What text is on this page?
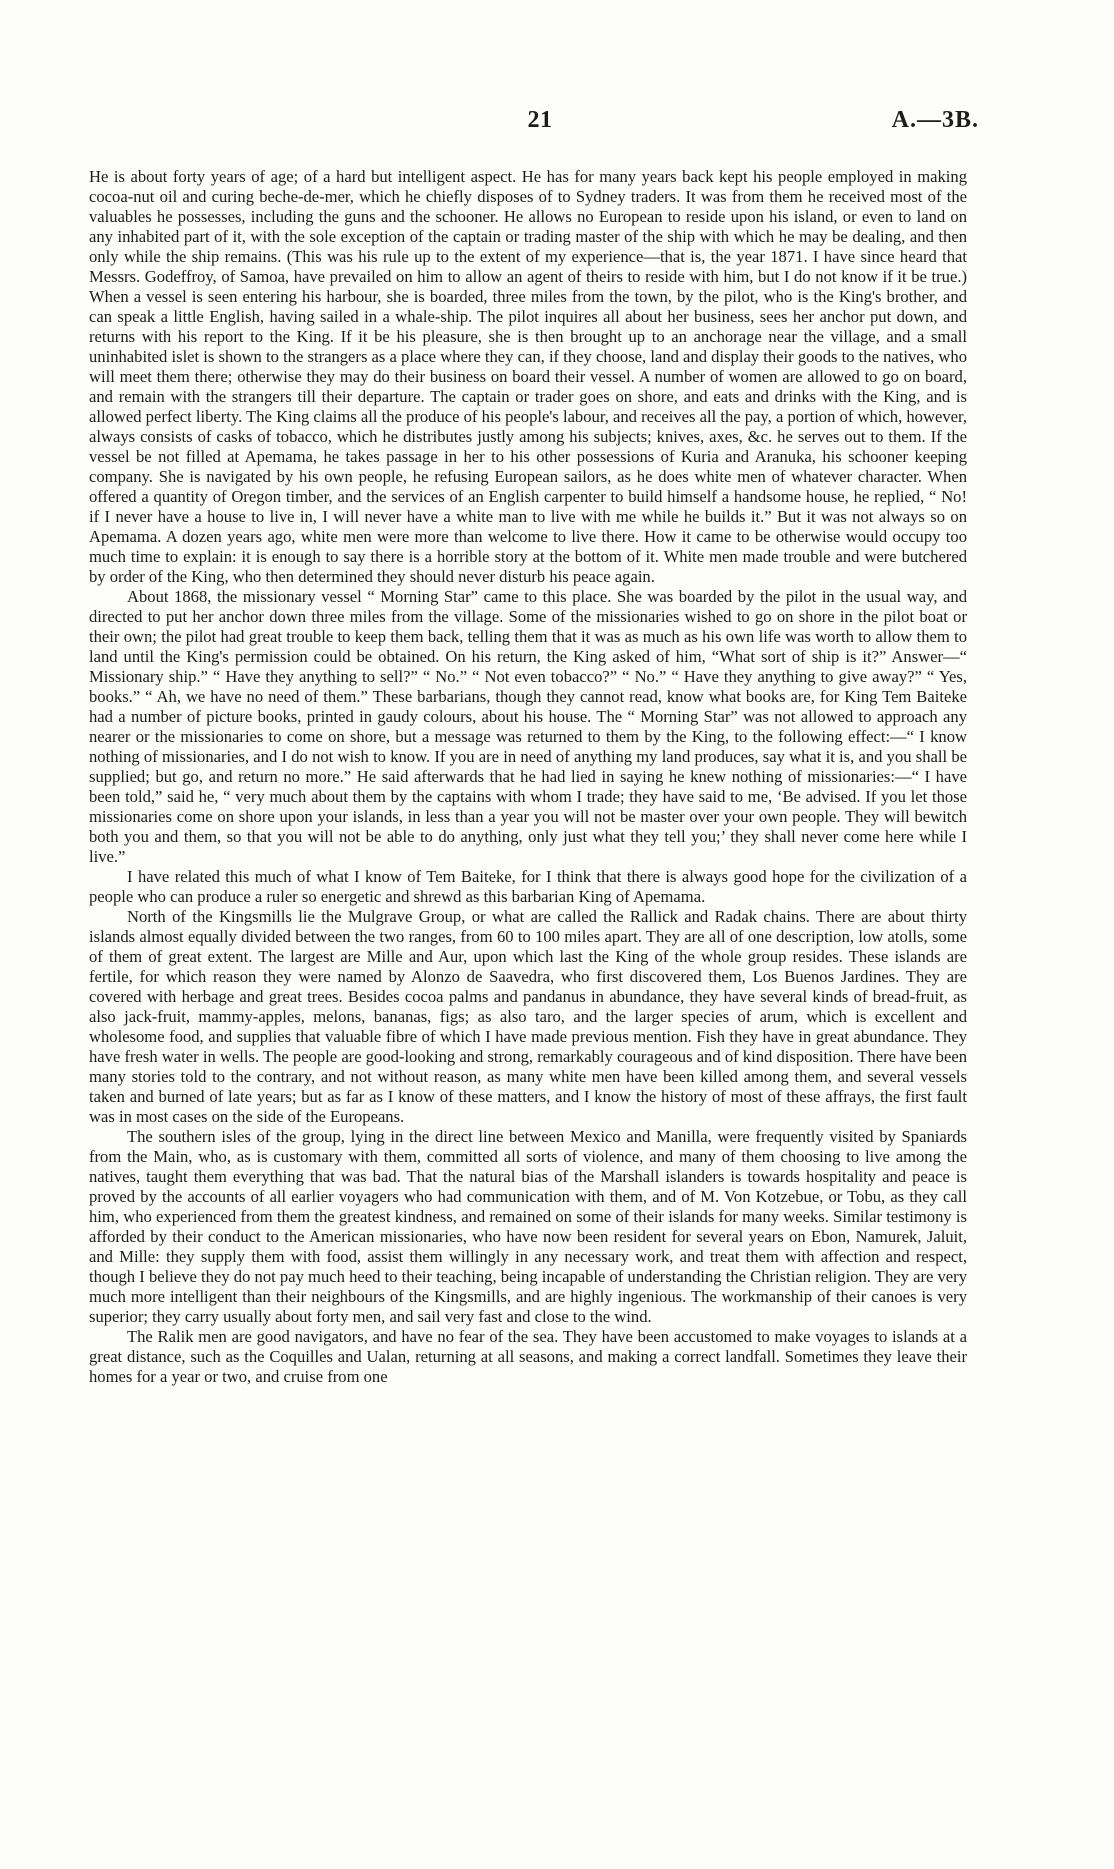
21	A.—3B.

He is about forty years of age; of a hard but intelligent aspect. He has for many years back kept his people employed in making cocoa-nut oil and curing beche-de-mer, which he chiefly disposes of to Sydney traders. It was from them he received most of the valuables he possesses, including the guns and the schooner. He allows no European to reside upon his island, or even to land on any inhabited part of it, with the sole exception of the captain or trading master of the ship with which he may be dealing, and then only while the ship remains. (This was his rule up to the extent of my experience—that is, the year 1871. I have since heard that Messrs. Godeffroy, of Samoa, have prevailed on him to allow an agent of theirs to reside with him, but I do not know if it be true.) When a vessel is seen entering his harbour, she is boarded, three miles from the town, by the pilot, who is the King's brother, and can speak a little English, having sailed in a whale-ship. The pilot inquires all about her business, sees her anchor put down, and returns with his report to the King. If it be his pleasure, she is then brought up to an anchorage near the village, and a small uninhabited islet is shown to the strangers as a place where they can, if they choose, land and display their goods to the natives, who will meet them there; otherwise they may do their business on board their vessel. A number of women are allowed to go on board, and remain with the strangers till their departure. The captain or trader goes on shore, and eats and drinks with the King, and is allowed perfect liberty. The King claims all the produce of his people's labour, and receives all the pay, a portion of which, however, always consists of casks of tobacco, which he distributes justly among his subjects; knives, axes, &c. he serves out to them. If the vessel be not filled at Apemama, he takes passage in her to his other possessions of Kuria and Aranuka, his schooner keeping company. She is navigated by his own people, he refusing European sailors, as he does white men of whatever character. When offered a quantity of Oregon timber, and the services of an English carpenter to build himself a handsome house, he replied, “ No! if I never have a house to live in, I will never have a white man to live with me while he builds it.” But it was not always so on Apemama. A dozen years ago, white men were more than welcome to live there. How it came to be otherwise would occupy too much time to explain: it is enough to say there is a horrible story at the bottom of it. White men made trouble and were butchered by order of the King, who then determined they should never disturb his peace again.

About 1868, the missionary vessel “ Morning Star” came to this place. She was boarded by the pilot in the usual way, and directed to put her anchor down three miles from the village. Some of the missionaries wished to go on shore in the pilot boat or their own; the pilot had great trouble to keep them back, telling them that it was as much as his own life was worth to allow them to land until the King's permission could be obtained. On his return, the King asked of him, “What sort of ship is it?” Answer—“ Missionary ship.” “ Have they anything to sell?” “ No.” “ Not even tobacco?” “ No.” “ Have they anything to give away?” “ Yes, books.” “ Ah, we have no need of them.” These barbarians, though they cannot read, know what books are, for King Tem Baiteke had a number of picture books, printed in gaudy colours, about his house. The “ Morning Star” was not allowed to approach any nearer or the missionaries to come on shore, but a message was returned to them by the King, to the following effect:—“ I know nothing of missionaries, and I do not wish to know. If you are in need of anything my land produces, say what it is, and you shall be supplied; but go, and return no more.” He said afterwards that he had lied in saying he knew nothing of missionaries:—“ I have been told,” said he, “ very much about them by the captains with whom I trade; they have said to me, ‘Be advised. If you let those missionaries come on shore upon your islands, in less than a year you will not be master over your own people. They will bewitch both you and them, so that you will not be able to do anything, only just what they tell you;’ they shall never come here while I live.”

I have related this much of what I know of Tem Baiteke, for I think that there is always good hope for the civilization of a people who can produce a ruler so energetic and shrewd as this barbarian King of Apemama.

North of the Kingsmills lie the Mulgrave Group, or what are called the Rallick and Radak chains. There are about thirty islands almost equally divided between the two ranges, from 60 to 100 miles apart. They are all of one description, low atolls, some of them of great extent. The largest are Mille and Aur, upon which last the King of the whole group resides. These islands are fertile, for which reason they were named by Alonzo de Saavedra, who first discovered them, Los Buenos Jardines. They are covered with herbage and great trees. Besides cocoa palms and pandanus in abundance, they have several kinds of bread-fruit, as also jack-fruit, mammy-apples, melons, bananas, figs; as also taro, and the larger species of arum, which is excellent and wholesome food, and supplies that valuable fibre of which I have made previous mention. Fish they have in great abundance. They have fresh water in wells. The people are good-looking and strong, remarkably courageous and of kind disposition. There have been many stories told to the contrary, and not without reason, as many white men have been killed among them, and several vessels taken and burned of late years; but as far as I know of these matters, and I know the history of most of these affrays, the first fault was in most cases on the side of the Europeans.

The southern isles of the group, lying in the direct line between Mexico and Manilla, were frequently visited by Spaniards from the Main, who, as is customary with them, committed all sorts of violence, and many of them choosing to live among the natives, taught them everything that was bad. That the natural bias of the Marshall islanders is towards hospitality and peace is proved by the accounts of all earlier voyagers who had communication with them, and of M. Von Kotzebue, or Tobu, as they call him, who experienced from them the greatest kindness, and remained on some of their islands for many weeks. Similar testimony is afforded by their conduct to the American missionaries, who have now been resident for several years on Ebon, Namurek, Jaluit, and Mille: they supply them with food, assist them willingly in any necessary work, and treat them with affection and respect, though I believe they do not pay much heed to their teaching, being incapable of understanding the Christian religion. They are very much more intelligent than their neighbours of the Kingsmills, and are highly ingenious. The workmanship of their canoes is very superior; they carry usually about forty men, and sail very fast and close to the wind.

The Ralik men are good navigators, and have no fear of the sea. They have been accustomed to make voyages to islands at a great distance, such as the Coquilles and Ualan, returning at all seasons, and making a correct landfall. Sometimes they leave their homes for a year or two, and cruise from one
